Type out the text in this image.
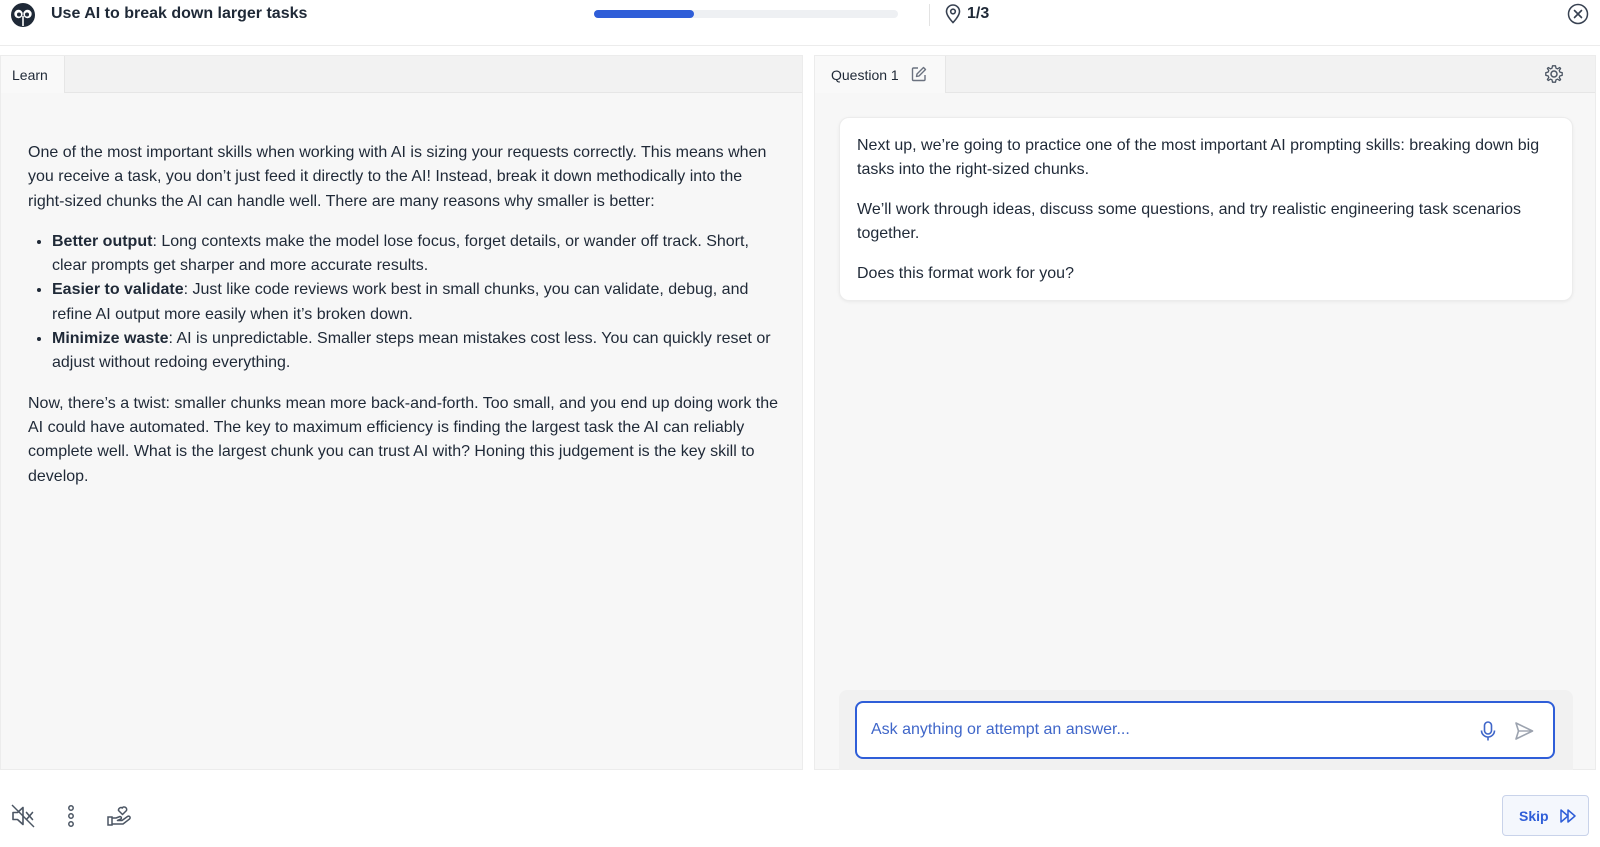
Use AI to break down larger tasks	1/3
Learn

One of the most important skills when working with AI is sizing your requests correctly. This means when you receive a task, you don’t just feed it directly to the AI! Instead, break it down methodically into the right-sized chunks the AI can handle well. There are many reasons why smaller is better:

• Better output: Long contexts make the model lose focus, forget details, or wander off track. Short, clear prompts get sharper and more accurate results.
• Easier to validate: Just like code reviews work best in small chunks, you can validate, debug, and refine AI output more easily when it’s broken down.
• Minimize waste: AI is unpredictable. Smaller steps mean mistakes cost less. You can quickly reset or adjust without redoing everything.

Now, there’s a twist: smaller chunks mean more back-and-forth. Too small, and you end up doing work the AI could have automated. The key to maximum efficiency is finding the largest task the AI can reliably complete well. What is the largest chunk you can trust AI with? Honing this judgement is the key skill to develop.

Question 1

Next up, we’re going to practice one of the most important AI prompting skills: breaking down big tasks into the right-sized chunks.

We’ll work through ideas, discuss some questions, and try realistic engineering task scenarios together.

Does this format work for you?

Ask anything or attempt an answer...
Skip
